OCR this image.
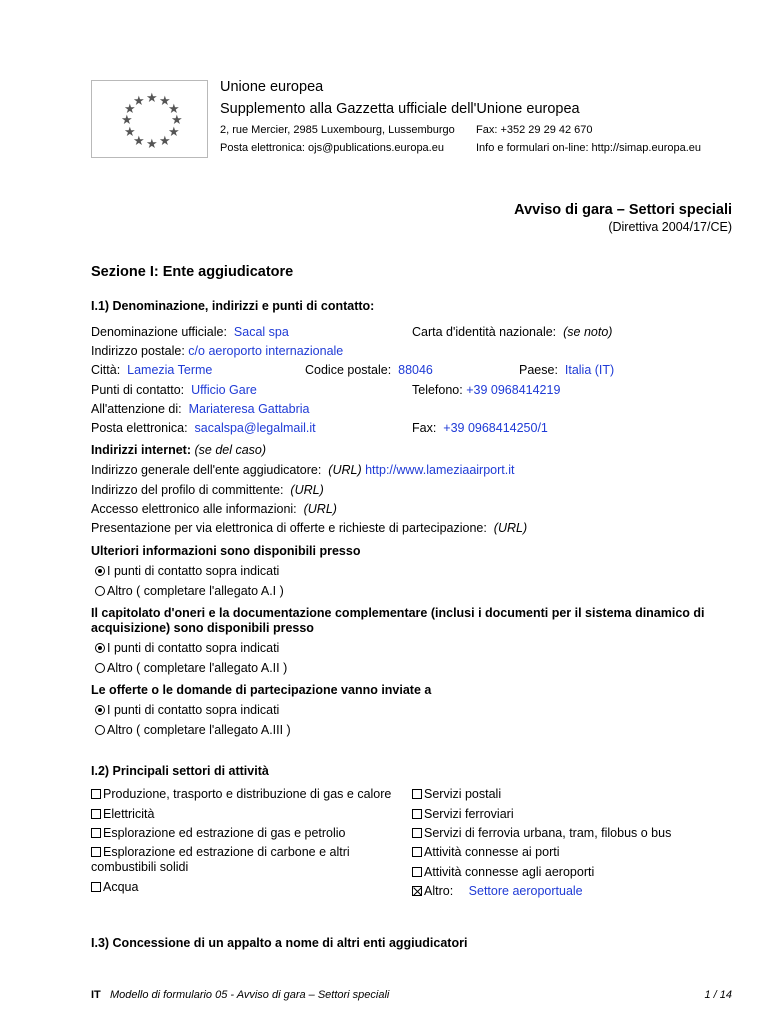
★
★ ★
★ ★
★	★
★ ★
★ ★
★
Unione europea
Supplemento alla Gazzetta ufficiale dell'Unione europea
2, rue Mercier, 2985 Luxembourg, Lussemburgo Fax: +352 29 29 42 670
Posta elettronica: ojs@publications.europa.eu	Info e formulari on-line: http://simap.europa.eu
Avviso di gara – Settori speciali
(Direttiva 2004/17/CE)
Sezione I: Ente aggiudicatore
I.1) Denominazione, indirizzi e punti di contatto:
Denominazione ufficiale: Sacal spa	Carta d'identità nazionale: (se noto)
Indirizzo postale: c/o aeroporto internazionale
Città: Lamezia Terme	Codice postale: 88046	Paese: Italia (IT)
Punti di contatto: Ufficio Gare	Telefono: +39 0968414219
All'attenzione di: Mariateresa Gattabria
Posta elettronica: sacalspa@legalmail.it	Fax: +39 0968414250/1
Indirizzi internet: (se del caso)
Indirizzo generale dell'ente aggiudicatore: (URL) http://www.lameziaairport.it
Indirizzo del profilo di committente: (URL)
Accesso elettronico alle informazioni: (URL)
Presentazione per via elettronica di offerte e richieste di partecipazione: (URL)
Ulteriori informazioni sono disponibili presso
I punti di contatto sopra indicati
Altro ( completare l'allegato A.I )
Il capitolato d'oneri e la documentazione complementare (inclusi i documenti per il sistema dinamico di
acquisizione) sono disponibili presso
I punti di contatto sopra indicati
Altro ( completare l'allegato A.II )
Le offerte o le domande di partecipazione vanno inviate a
I punti di contatto sopra indicati
Altro ( completare l'allegato A.III )
I.2) Principali settori di attività
Produzione, trasporto e distribuzione di gas e calore
Elettricità
Esplorazione ed estrazione di gas e petrolio
Esplorazione ed estrazione di carbone e altri
combustibili solidi
Acqua
Servizi postali
Servizi ferroviari
Servizi di ferrovia urbana, tram, filobus o bus
Attività connesse ai porti
Attività connesse agli aeroporti
Altro: Settore aeroportuale
I.3) Concessione di un appalto a nome di altri enti aggiudicatori
IT Modello di formulario 05 - Avviso di gara – Settori speciali	1 / 14
